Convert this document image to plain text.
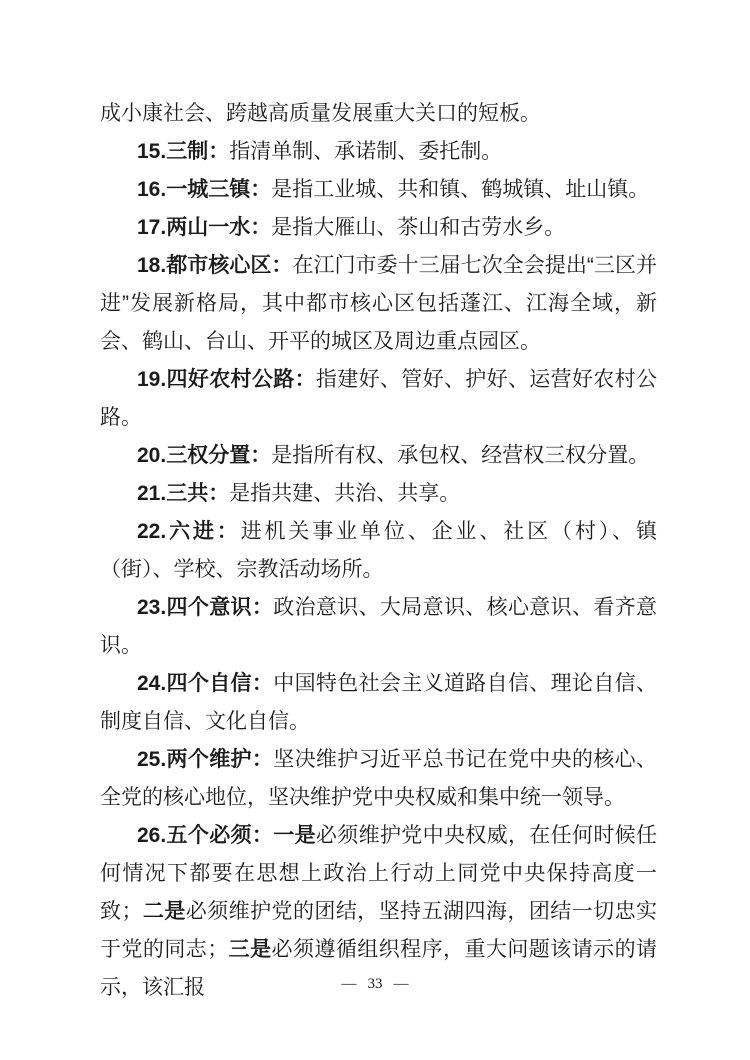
成小康社会、跨越高质量发展重大关口的短板。

15.三制：指清单制、承诺制、委托制。

16.一城三镇：是指工业城、共和镇、鹤城镇、址山镇。

17.两山一水：是指大雁山、茶山和古劳水乡。

18.都市核心区：在江门市委十三届七次全会提出“三区并进”发展新格局，其中都市核心区包括蓬江、江海全域，新会、鹤山、台山、开平的城区及周边重点园区。

19.四好农村公路：指建好、管好、护好、运营好农村公路。

20.三权分置：是指所有权、承包权、经营权三权分置。

21.三共：是指共建、共治、共享。

22.六进：进机关事业单位、企业、社区（村）、镇（街）、学校、宗教活动场所。

23.四个意识：政治意识、大局意识、核心意识、看齐意识。

24.四个自信：中国特色社会主义道路自信、理论自信、制度自信、文化自信。

25.两个维护：坚决维护习近平总书记在党中央的核心、全党的核心地位，坚决维护党中央权威和集中统一领导。

26.五个必须：一是必须维护党中央权威，在任何时候任何情况下都要在思想上政治上行动上同党中央保持高度一致；二是必须维护党的团结，坚持五湖四海，团结一切忠实于党的同志；三是必须遵循组织程序，重大问题该请示的请示，该汇报	— 33 —
